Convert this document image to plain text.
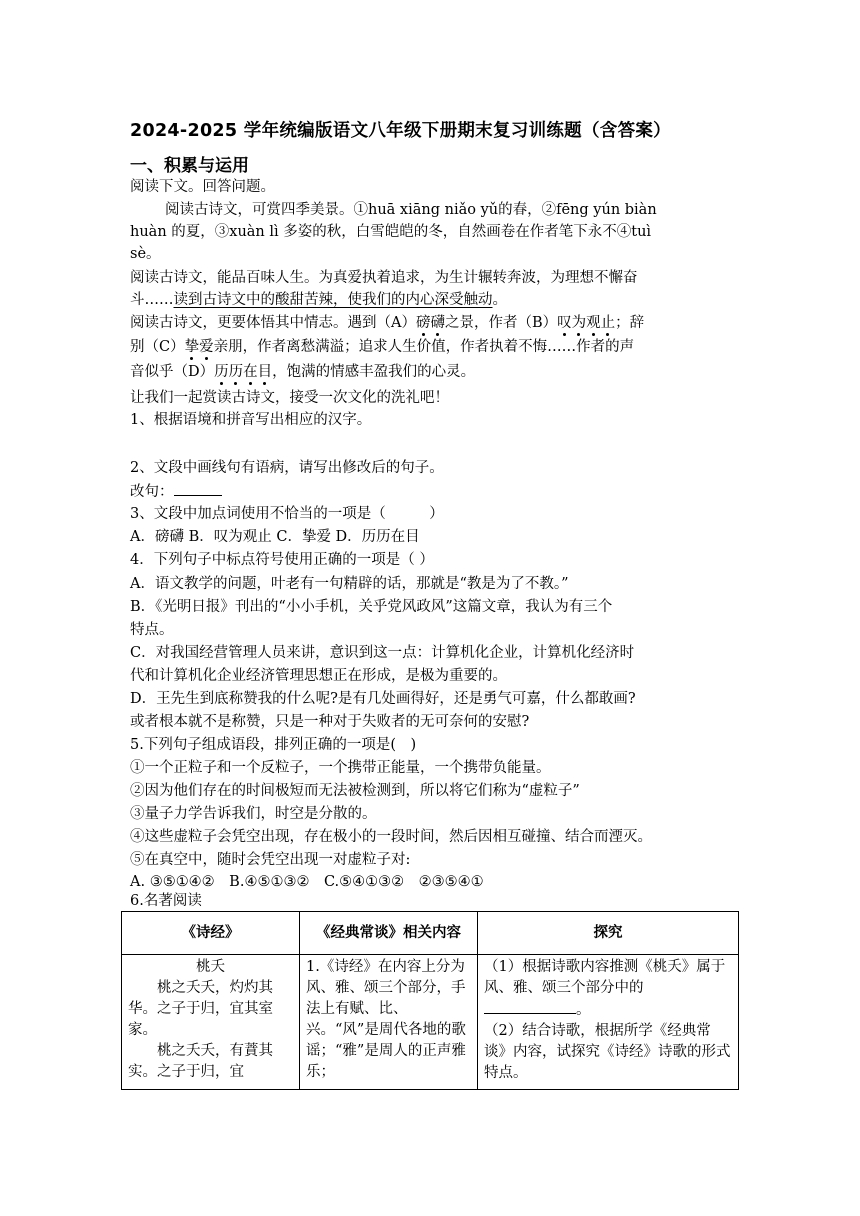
2024-2025 学年统编版语文八年级下册期末复习训练题（含答案）
一、积累与运用
阅读下文。回答问题。
阅读古诗文，可赏四季美景。①huā xiāng niǎo yǔ的春，②fēng yún biàn
huàn 的夏，③xuàn lì 多姿的秋，白雪皑皑的冬，自然画卷在作者笔下永不④tuì
sè。
阅读古诗文，能品百味人生。为真爱执着追求，为生计辗转奔波，为理想不懈奋
斗……读到古诗文中的酸甜苦辣，使我们的内心深受触动。
阅读古诗文，更要体悟其中情志。遇到（A）磅礴之景，作者（B）叹为观止；辞
别（C）挚爱亲朋，作者离愁满溢；追求人生价值，作者执着不悔……作者的声
音似乎（D）历历在目，饱满的情感丰盈我们的心灵。
让我们一起赏读古诗文，接受一次文化的洗礼吧！
1、根据语境和拼音写出相应的汉字。
2、文段中画线句有语病，请写出修改后的句子。
改句：
3、文段中加点词使用不恰当的一项是（　　　）
A．磅礴 B．叹为观止 C．挚爱 D．历历在目
4．下列句子中标点符号使用正确的一项是（ ）
A．语文教学的问题，叶老有一句精辟的话，那就是“教是为了不教。”
B．《光明日报》刊出的“小小手机，关乎党风政风”这篇文章，我认为有三个
特点。
C．对我国经营管理人员来讲，意识到这一点：计算机化企业，计算机化经济时
代和计算机化企业经济管理思想正在形成，是极为重要的。
D．王先生到底称赞我的什么呢?是有几处画得好，还是勇气可嘉，什么都敢画?
或者根本就不是称赞，只是一种对于失败者的无可奈何的安慰?
5.下列句子组成语段，排列正确的一项是(　)
①一个正粒子和一个反粒子，一个携带正能量，一个携带负能量。
②因为他们存在的时间极短而无法被检测到，所以将它们称为“虚粒子”
③量子力学告诉我们，时空是分散的。
④这些虚粒子会凭空出现，存在极小的一段时间，然后因相互碰撞、结合而湮灭。
⑤在真空中，随时会凭空出现一对虚粒子对:
A. ③⑤①④②　B.④⑤①③②　C.⑤④①③②　②③⑤④①
6.名著阅读
《诗经》	《经典常谈》相关内容	探究

桃夭
桃之夭夭，灼灼其华。之子于归，宜其室家。
桃之夭夭，有蕡其实。之子于归，宜	1.《诗经》在内容上分为风、雅、颂三个部分，手法上有赋、比、兴。“风”是周代各地的歌谣；“雅”是周人的正声雅乐；	（1）根据诗歌内容推测《桃夭》属于风、雅、颂三个部分中的。
（2）结合诗歌，根据所学《经典常谈》内容，试探究《诗经》诗歌的形式特点。
